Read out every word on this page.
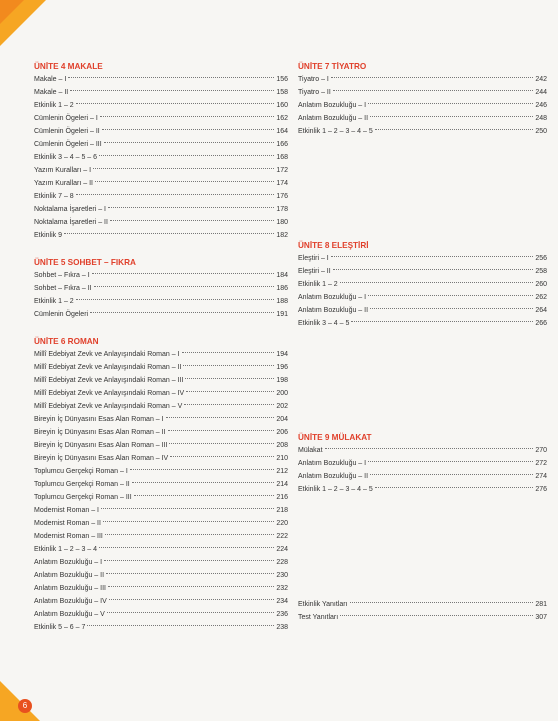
6
ÜNİTE 4 MAKALE
Makale – I	156
Makale – II	158
Etkinlik 1 – 2	160
Cümlenin Ögeleri – I	162
Cümlenin Ögeleri – II	164
Cümlenin Ögeleri – III	166
Etkinlik 3 – 4 – 5 – 6	168
Yazım Kuralları – I	172
Yazım Kuralları – II	174
Etkinlik 7 – 8	176
Noktalama İşaretleri – I	178
Noktalama İşaretleri – II	180
Etkinlik 9	182
ÜNİTE 5 SOHBET – FIKRA
Sohbet – Fıkra – I	184
Sohbet – Fıkra – II	186
Etkinlik 1 – 2	188
Cümlenin Ögeleri	191
ÜNİTE 6 ROMAN
Millî Edebiyat Zevk ve Anlayışındaki Roman – I	194
Millî Edebiyat Zevk ve Anlayışındaki Roman – II	196
Millî Edebiyat Zevk ve Anlayışındaki Roman – III	198
Millî Edebiyat Zevk ve Anlayışındaki Roman – IV	200
Millî Edebiyat Zevk ve Anlayışındaki Roman – V	202
Bireyin İç Dünyasını Esas Alan Roman – I	204
Bireyin İç Dünyasını Esas Alan Roman – II	206
Bireyin İç Dünyasını Esas Alan Roman – III	208
Bireyin İç Dünyasını Esas Alan Roman – IV	210
Toplumcu Gerçekçi Roman – I	212
Toplumcu Gerçekçi Roman – II	214
Toplumcu Gerçekçi Roman – III	216
Modernist Roman – I	218
Modernist Roman – II	220
Modernist Roman – III	222
Etkinlik 1 – 2 – 3 – 4	224
Anlatım Bozukluğu – I	228
Anlatım Bozukluğu – II	230
Anlatım Bozukluğu – III	232
Anlatım Bozukluğu – IV	234
Anlatım Bozukluğu – V	236
Etkinlik 5 – 6 – 7	238
ÜNİTE 7 TİYATRO
Tiyatro – I	242
Tiyatro – II	244
Anlatım Bozukluğu – I	246
Anlatım Bozukluğu – II	248
Etkinlik 1 – 2 – 3 – 4 – 5	250
ÜNİTE 8 ELEŞTİRİ
Eleştiri – I	256
Eleştiri – II	258
Etkinlik 1 – 2	260
Anlatım Bozukluğu – I	262
Anlatım Bozukluğu – II	264
Etkinlik 3 – 4 – 5	266
ÜNİTE 9 MÜLAKAT
Mülakat	270
Anlatım Bozukluğu – I	272
Anlatım Bozukluğu – II	274
Etkinlik 1 – 2 – 3 – 4 – 5	276
Etkinlik Yanıtları	281
Test Yanıtları	307
